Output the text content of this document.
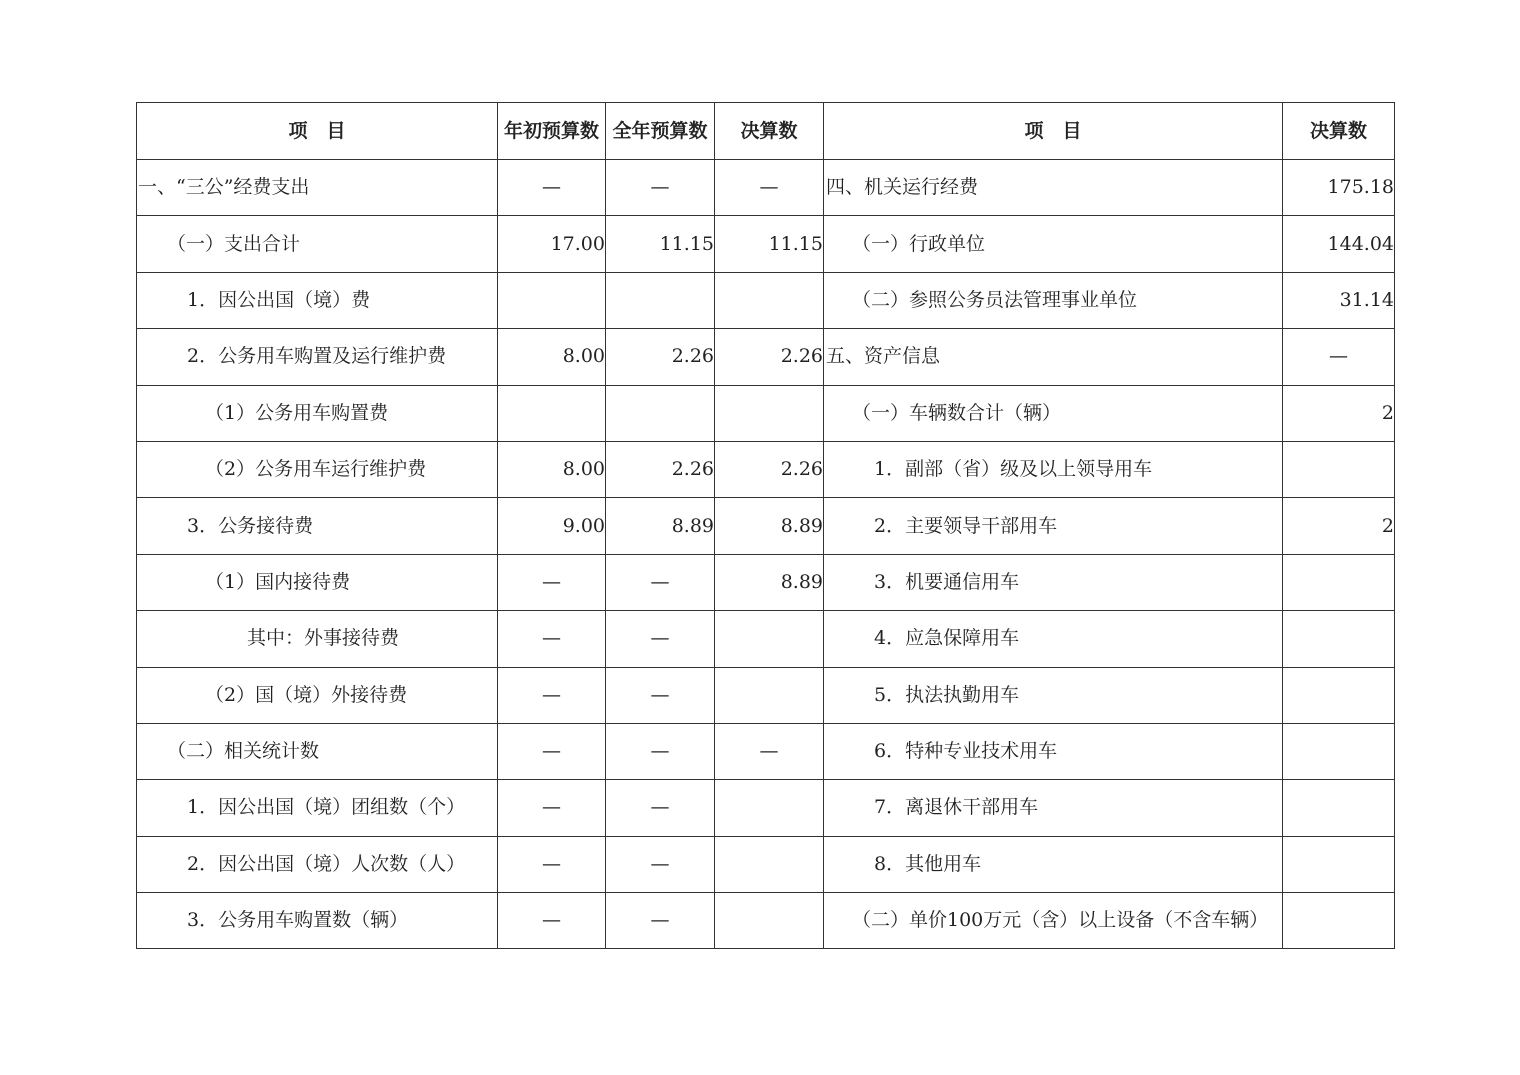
项　目	年初预算数	全年预算数	决算数	项　目	决算数
一、“三公”经费支出	—	—	—	四、机关运行经费	175.18
（一）支出合计	17.00	11.15	11.15	（一）行政单位	144.04
1．因公出国（境）费				（二）参照公务员法管理事业单位	31.14
2．公务用车购置及运行维护费	8.00	2.26	2.26	五、资产信息	—
（1）公务用车购置费				（一）车辆数合计（辆）	2
（2）公务用车运行维护费	8.00	2.26	2.26	1．副部（省）级及以上领导用车	
3．公务接待费	9.00	8.89	8.89	2．主要领导干部用车	2
（1）国内接待费	—	—	8.89	3．机要通信用车	
其中：外事接待费	—	—		4．应急保障用车	
（2）国（境）外接待费	—	—		5．执法执勤用车	
（二）相关统计数	—	—	—	6．特种专业技术用车	
1．因公出国（境）团组数（个）	—	—		7．离退休干部用车	
2．因公出国（境）人次数（人）	—	—		8．其他用车	
3．公务用车购置数（辆）	—	—		（二）单价100万元（含）以上设备（不含车辆）	
